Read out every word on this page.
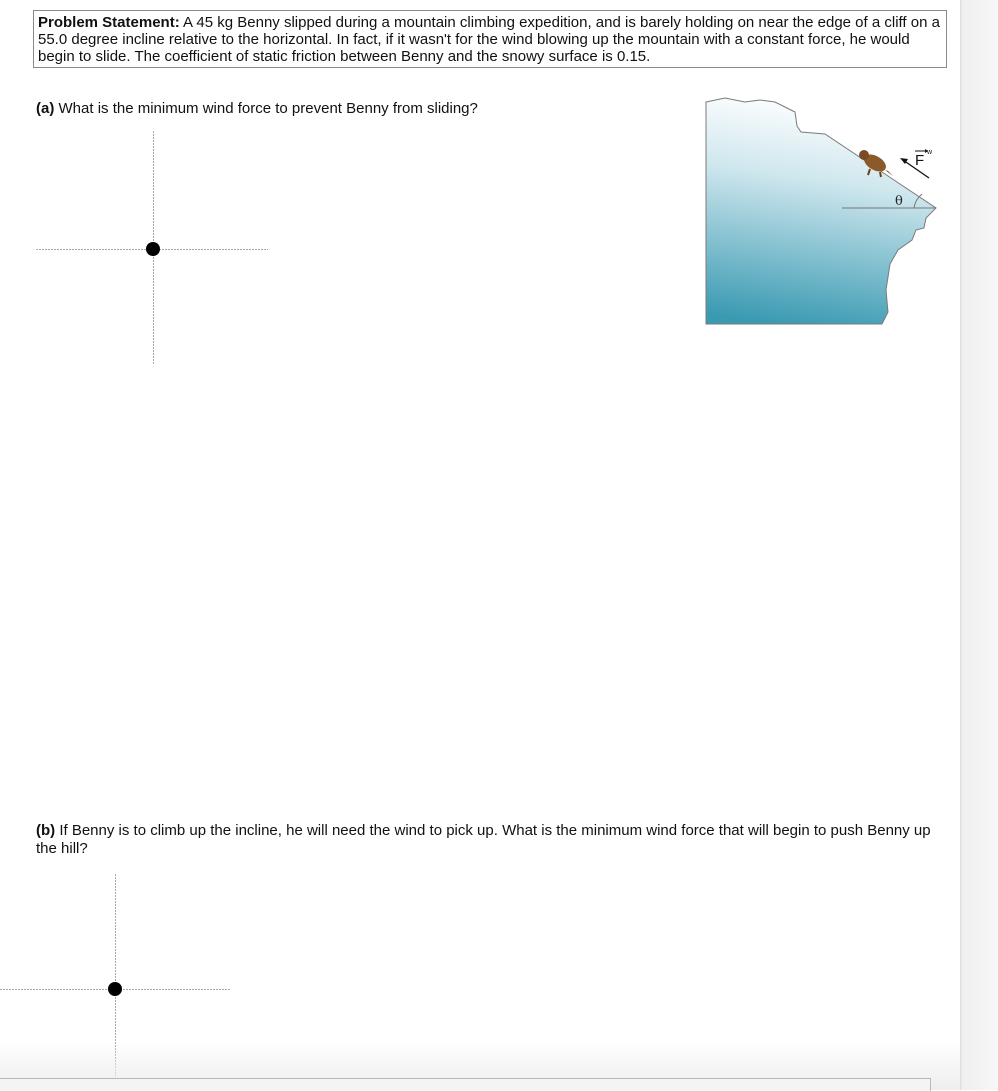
Problem Statement: A 45 kg Benny slipped during a mountain climbing expedition, and is barely holding on near the edge of a cliff on a 55.0 degree incline relative to the horizontal. In fact, if it wasn't for the wind blowing up the mountain with a constant force, he would begin to slide. The coefficient of static friction between Benny and the snowy surface is 0.15.
(a) What is the minimum wind force to prevent Benny from sliding?
θ
F w
(b) If Benny is to climb up the incline, he will need the wind to pick up. What is the minimum wind force that will begin to push Benny up the hill?
